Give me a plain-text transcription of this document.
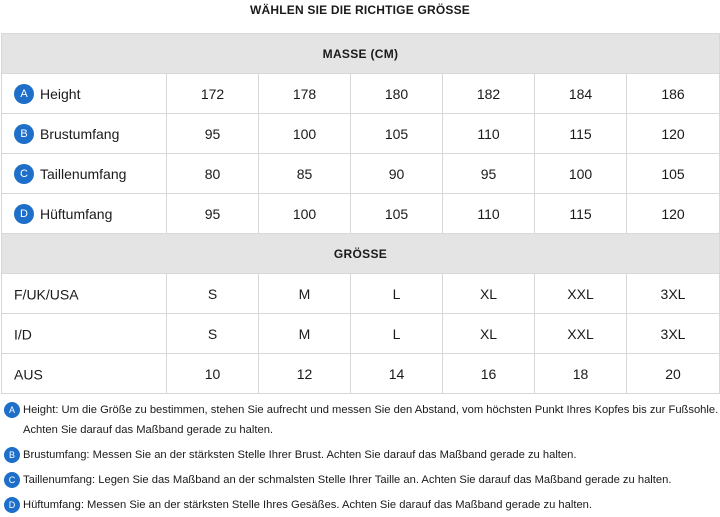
WÄHLEN SIE DIE RICHTIGE GRÖSSE
MASSE (CM)						
A Height	172	178	180	182	184	186
B Brustumfang	95	100	105	110	115	120
C Taillenumfang	80	85	90	95	100	105
D Hüftumfang	95	100	105	110	115	120
GRÖSSE						
F/UK/USA	S	M	L	XL	XXL	3XL
I/D	S	M	L	XL	XXL	3XL
AUS	10	12	14	16	18	20
A Height: Um die Größe zu bestimmen, stehen Sie aufrecht und messen Sie den Abstand, vom höchsten Punkt Ihres Kopfes bis zur Fußsohle. Achten Sie darauf das Maßband gerade zu halten.
B Brustumfang: Messen Sie an der stärksten Stelle Ihrer Brust. Achten Sie darauf das Maßband gerade zu halten.
C Taillenumfang: Legen Sie das Maßband an der schmalsten Stelle Ihrer Taille an. Achten Sie darauf das Maßband gerade zu halten.
D Hüftumfang: Messen Sie an der stärksten Stelle Ihres Gesäßes. Achten Sie darauf das Maßband gerade zu halten.
